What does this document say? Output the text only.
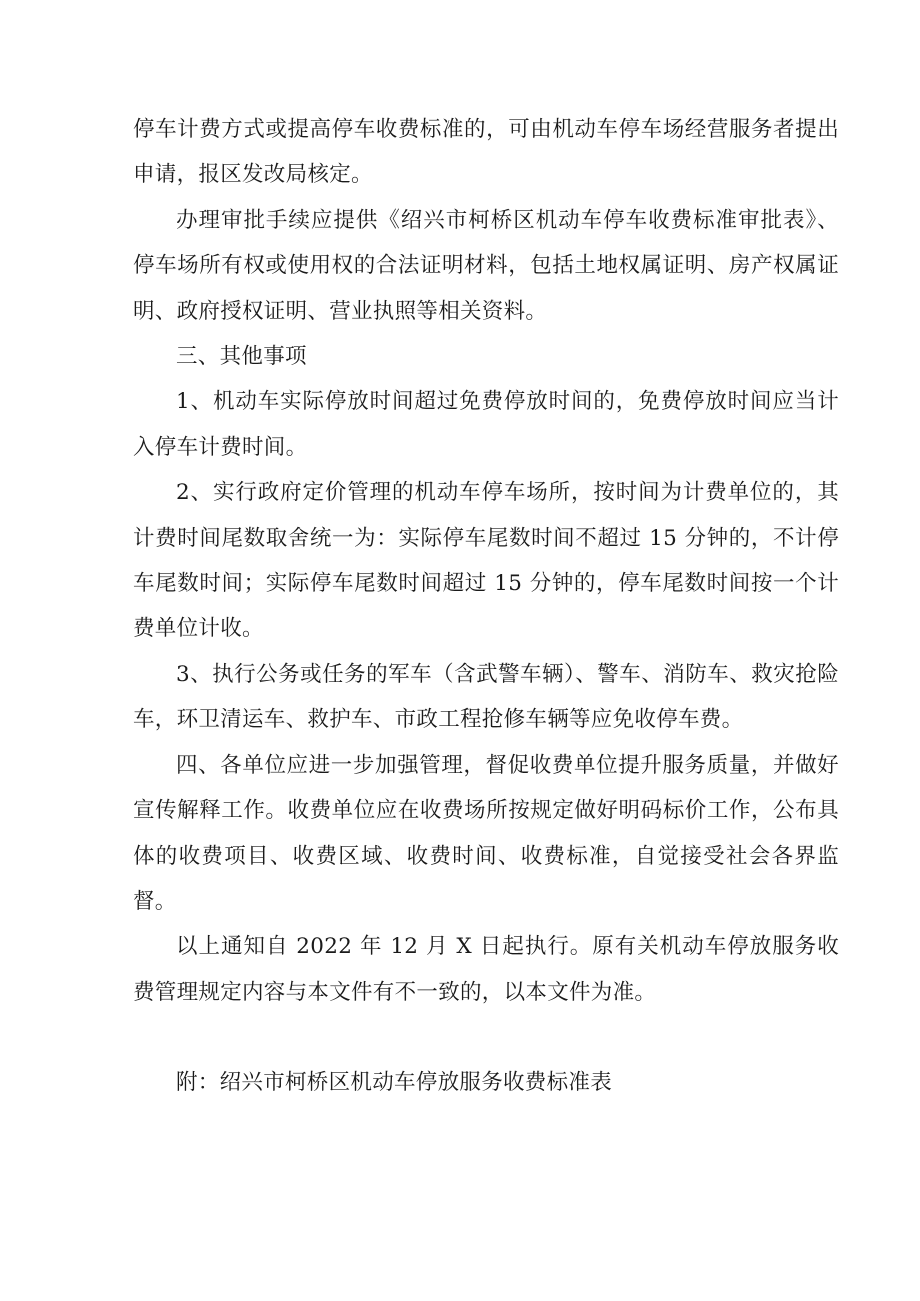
停车计费方式或提高停车收费标准的，可由机动车停车场经营服务者提出申请，报区发改局核定。

办理审批手续应提供《绍兴市柯桥区机动车停车收费标准审批表》、停车场所有权或使用权的合法证明材料，包括土地权属证明、房产权属证明、政府授权证明、营业执照等相关资料。

三、其他事项

1、机动车实际停放时间超过免费停放时间的，免费停放时间应当计入停车计费时间。

2、实行政府定价管理的机动车停车场所，按时间为计费单位的，其计费时间尾数取舍统一为：实际停车尾数时间不超过 15 分钟的，不计停车尾数时间；实际停车尾数时间超过 15 分钟的，停车尾数时间按一个计费单位计收。

3、执行公务或任务的军车（含武警车辆）、警车、消防车、救灾抢险车，环卫清运车、救护车、市政工程抢修车辆等应免收停车费。

四、各单位应进一步加强管理，督促收费单位提升服务质量，并做好宣传解释工作。收费单位应在收费场所按规定做好明码标价工作，公布具体的收费项目、收费区域、收费时间、收费标准，自觉接受社会各界监督。

以上通知自 2022 年 12 月 X 日起执行。原有关机动车停放服务收费管理规定内容与本文件有不一致的，以本文件为准。

附：绍兴市柯桥区机动车停放服务收费标准表
